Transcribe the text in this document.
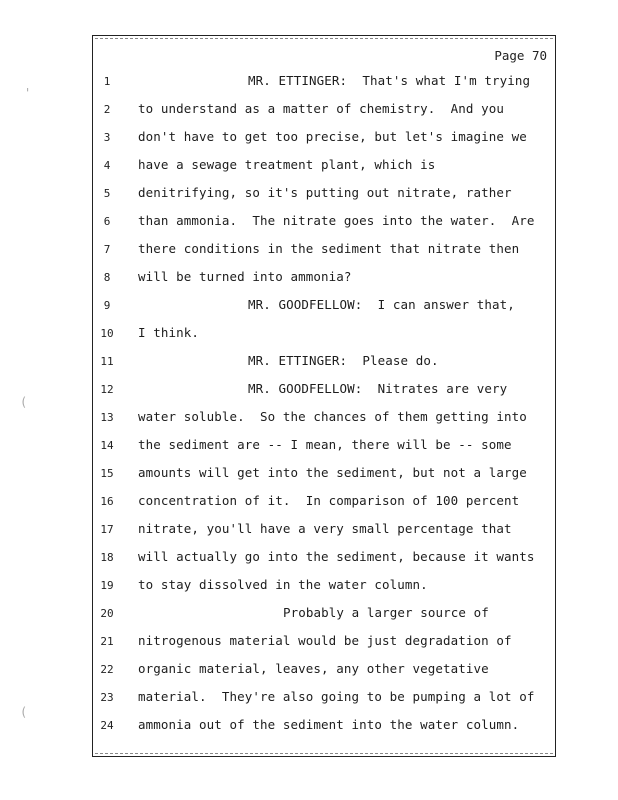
Page 70
1	MR. ETTINGER:  That's what I'm trying
2	to understand as a matter of chemistry.  And you
3	don't have to get too precise, but let's imagine we
4	have a sewage treatment plant, which is
5	denitrifying, so it's putting out nitrate, rather
6	than ammonia.  The nitrate goes into the water.  Are
7	there conditions in the sediment that nitrate then
8	will be turned into ammonia?
9	MR. GOODFELLOW:  I can answer that,
10	I think.
11	MR. ETTINGER:  Please do.
12	MR. GOODFELLOW:  Nitrates are very
13	water soluble.  So the chances of them getting into
14	the sediment are -- I mean, there will be -- some
15	amounts will get into the sediment, but not a large
16	concentration of it.  In comparison of 100 percent
17	nitrate, you'll have a very small percentage that
18	will actually go into the sediment, because it wants
19	to stay dissolved in the water column.
20	Probably a larger source of
21	nitrogenous material would be just degradation of
22	organic material, leaves, any other vegetative
23	material.  They're also going to be pumping a lot of
24	ammonia out of the sediment into the water column.
'
(
(
